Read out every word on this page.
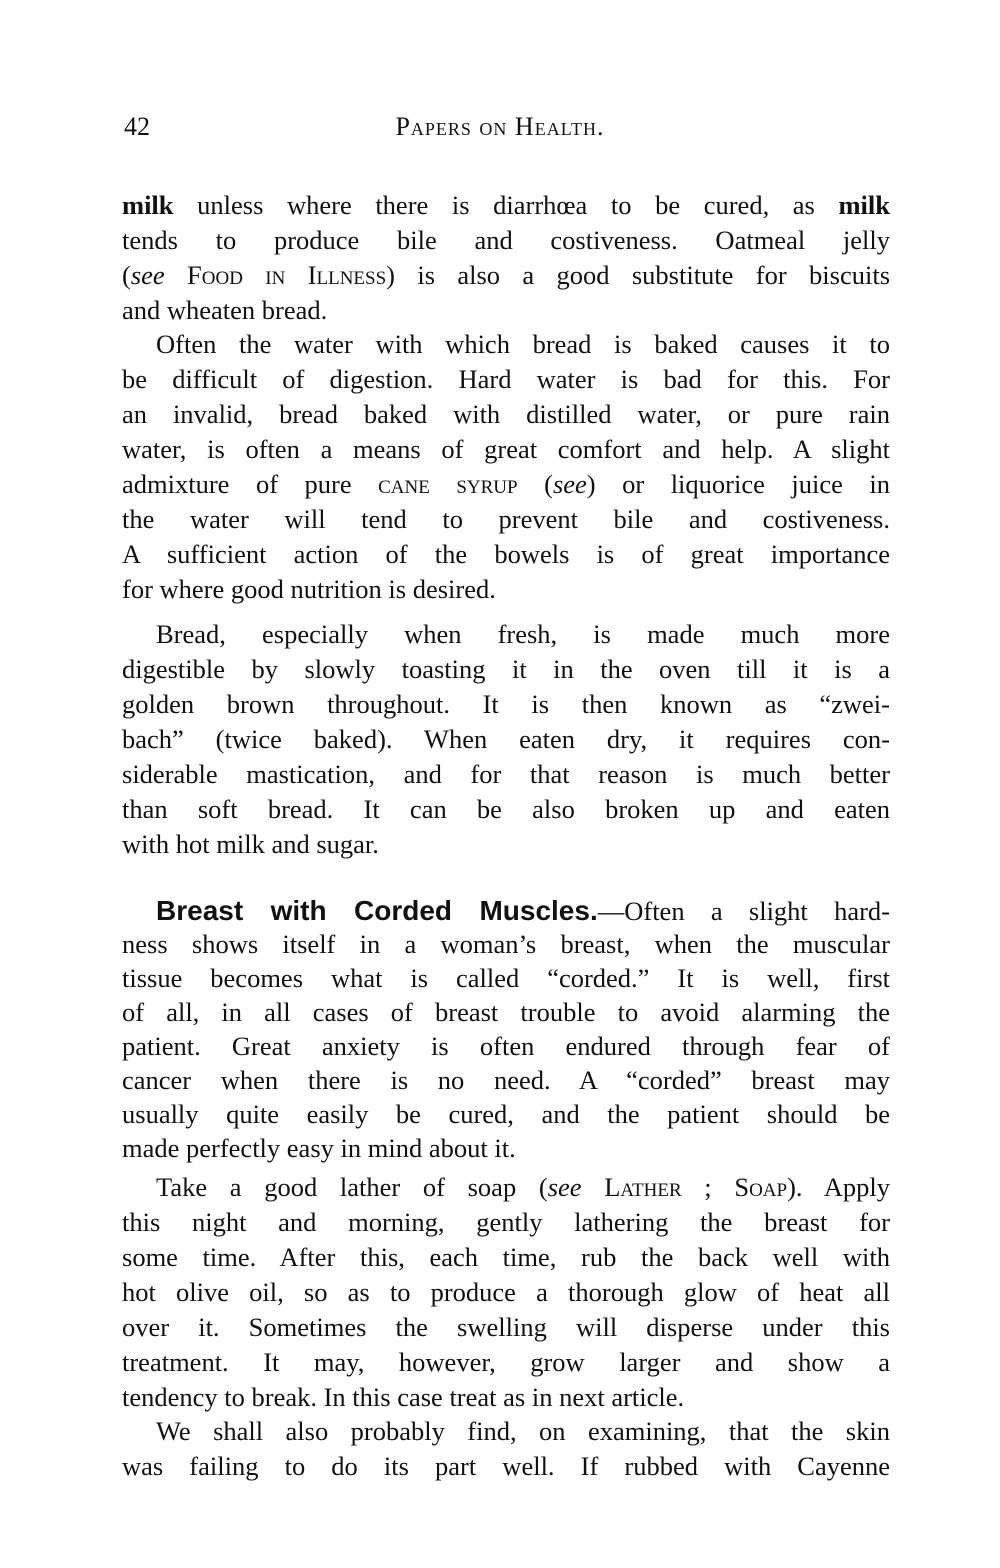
42	Papers on Health.
milk unless where there is diarrhœa to be cured, as milk
tends to produce bile and costiveness. Oatmeal jelly
(see Food in Illness) is also a good substitute for biscuits
and wheaten bread.
Often the water with which bread is baked causes it to
be difficult of digestion. Hard water is bad for this. For
an invalid, bread baked with distilled water, or pure rain
water, is often a means of great comfort and help. A slight
admixture of pure cane syrup (see) or liquorice juice in
the water will tend to prevent bile and costiveness.
A sufficient action of the bowels is of great importance
for where good nutrition is desired.
Bread, especially when fresh, is made much more
digestible by slowly toasting it in the oven till it is a
golden brown throughout. It is then known as “zwei-
bach” (twice baked). When eaten dry, it requires con-
siderable mastication, and for that reason is much better
than soft bread. It can be also broken up and eaten
with hot milk and sugar.
Breast with Corded Muscles.—Often a slight hard-
ness shows itself in a woman’s breast, when the muscular
tissue becomes what is called “corded.” It is well, first
of all, in all cases of breast trouble to avoid alarming the
patient. Great anxiety is often endured through fear of
cancer when there is no need. A “corded” breast may
usually quite easily be cured, and the patient should be
made perfectly easy in mind about it.
Take a good lather of soap (see Lather ; Soap). Apply
this night and morning, gently lathering the breast for
some time. After this, each time, rub the back well with
hot olive oil, so as to produce a thorough glow of heat all
over it. Sometimes the swelling will disperse under this
treatment. It may, however, grow larger and show a
tendency to break. In this case treat as in next article.
We shall also probably find, on examining, that the skin
was failing to do its part well. If rubbed with Cayenne
